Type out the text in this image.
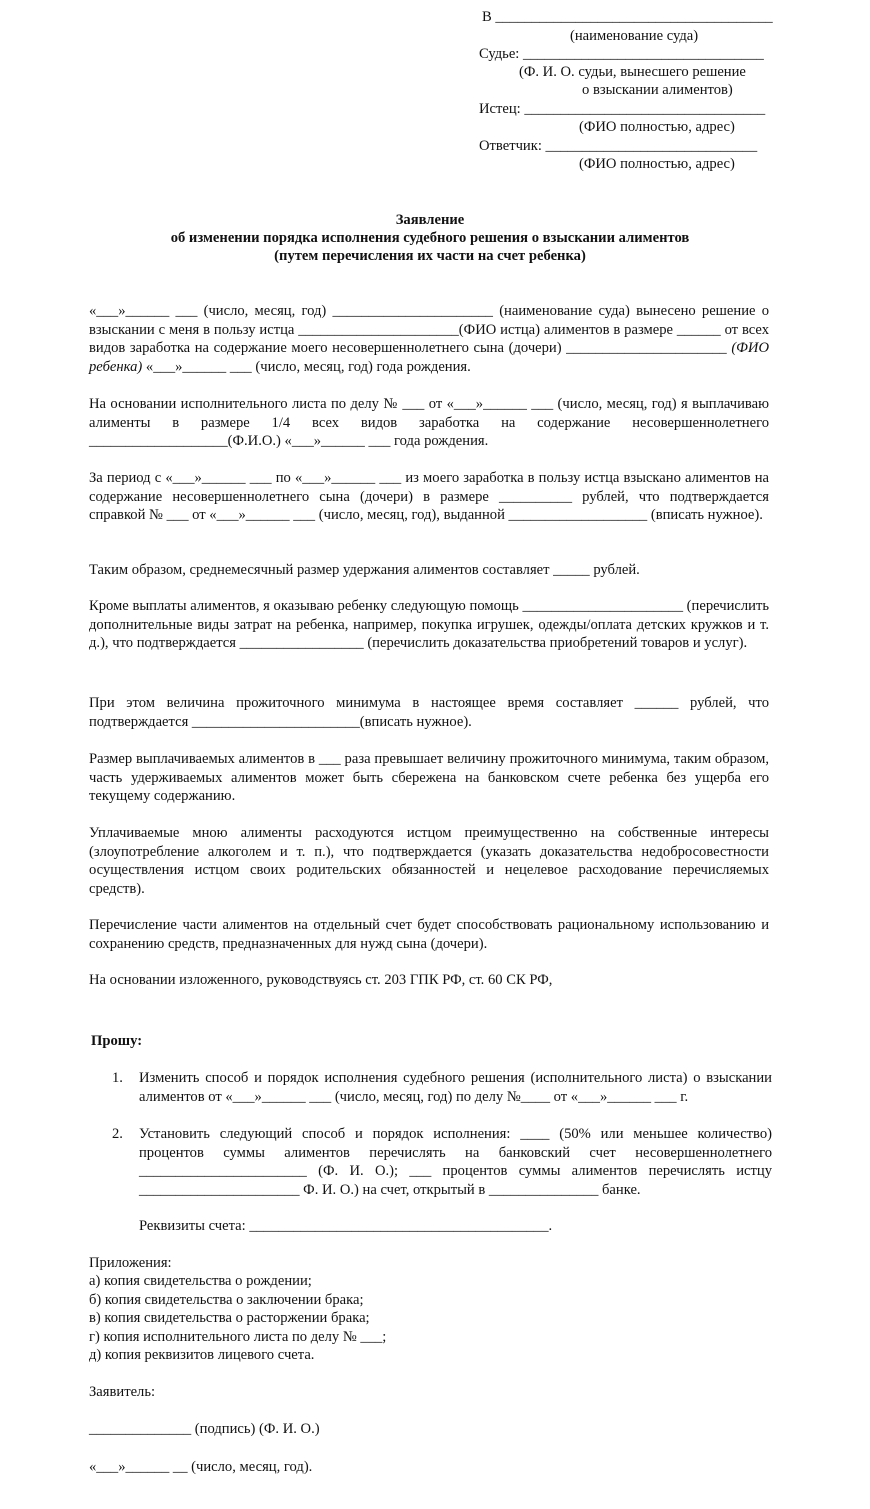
В ______________________________________
(наименование суда)
Судье: _________________________________
(Ф. И. О. судьи, вынесшего решение
о взыскании алиментов)
Истец: _________________________________
(ФИО полностью, адрес)
Ответчик: _____________________________
(ФИО полностью, адрес)
Заявление
об изменении порядка исполнения судебного решения о взыскании алиментов
(путем перечисления их части на счет ребенка)
«___»______ ___ (число, месяц, год) ______________________ (наименование суда) вынесено решение о взыскании с меня в пользу истца ______________________(ФИО истца) алиментов в размере ______ от всех видов заработка на содержание моего несовершеннолетнего сына (дочери) ______________________ (ФИО ребенка) «___»______ ___ (число, месяц, год) года рождения.
На основании исполнительного листа по делу № ___ от «___»______ ___ (число, месяц, год) я выплачиваю алименты в размере 1/4 всех видов заработка на содержание несовершеннолетнего ___________________(Ф.И.О.) «___»______ ___ года рождения.
За период с «___»______ ___ по «___»______ ___ из моего заработка в пользу истца взыскано алиментов на содержание несовершеннолетнего сына (дочери) в размере __________ рублей, что подтверждается справкой № ___ от «___»______ ___ (число, месяц, год), выданной ___________________ (вписать нужное).
Таким образом, среднемесячный размер удержания алиментов составляет _____ рублей.
Кроме выплаты алиментов, я оказываю ребенку следующую помощь ______________________ (перечислить дополнительные виды затрат на ребенка, например, покупка игрушек, одежды/оплата детских кружков и т. д.), что подтверждается _________________ (перечислить доказательства приобретений товаров и услуг).
При этом величина прожиточного минимума в настоящее время составляет ______ рублей, что подтверждается _______________________(вписать нужное).
Размер выплачиваемых алиментов в ___ раза превышает величину прожиточного минимума, таким образом, часть удерживаемых алиментов может быть сбережена на банковском счете ребенка без ущерба его текущему содержанию.
Уплачиваемые мною алименты расходуются истцом преимущественно на собственные интересы (злоупотребление алкоголем и т. п.), что подтверждается (указать доказательства недобросовестности осуществления истцом своих родительских обязанностей и нецелевое расходование перечисляемых средств).
Перечисление части алиментов на отдельный счет будет способствовать рациональному использованию и сохранению средств, предназначенных для нужд сына (дочери).
На основании изложенного, руководствуясь ст. 203 ГПК РФ, ст. 60 СК РФ,
Прошу:
1. Изменить способ и порядок исполнения судебного решения (исполнительного листа) о взыскании алиментов от «___»______ ___ (число, месяц, год) по делу №____ от «___»______ ___ г.
2. Установить следующий способ и порядок исполнения: ____ (50% или меньшее количество) процентов суммы алиментов перечислять на банковский счет несовершеннолетнего _______________________ (Ф. И. О.); ___ процентов суммы алиментов перечислять истцу ______________________ Ф. И. О.) на счет, открытый в _______________ банке.
Реквизиты счета: _________________________________________.
Приложения:
а) копия свидетельства о рождении;
б) копия свидетельства о заключении брака;
в) копия свидетельства о расторжении брака;
г) копия исполнительного листа по делу № ___;
д) копия реквизитов лицевого счета.
Заявитель:
______________ (подпись) (Ф. И. О.)
«___»______ __ (число, месяц, год).
